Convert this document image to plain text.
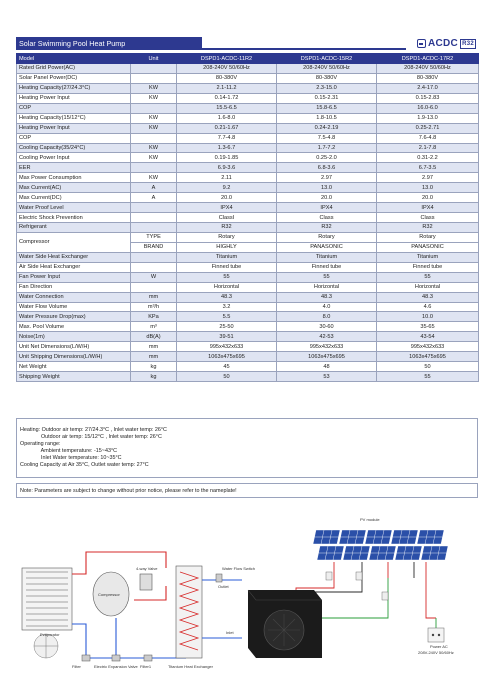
Solar Swimming Pool Heat Pump	ACDC R32
Model	Unit	DSPD1-ACDC-11R2	DSPD1-ACDC-15R2	DSPD1-ACDC-17R2
Rated Grid Power(AC)		208-240V 50/60Hz	208-240V 50/60Hz	208-240V 50/60Hz
Solar Panel Power(DC)		80-380V	80-380V	80-380V
Heating Capacity(27/24.3°C)	KW	2.1-11.2	2.3-15.0	2.4-17.0
Heating Power Input	KW	0.14-1.72	0.15-2.31	0.15-2.83
COP		15.5-6.5	15.8-6.5	16.0-6.0
Heating Capacity(15/12°C)	KW	1.6-8.0	1.8-10.5	1.9-13.0
Heating Power Input	KW	0.21-1.67	0.24-2.19	0.25-2.71
COP		7.7-4.8	7.5-4.8	7.6-4.8
Cooling Capacity(35/24°C)	KW	1.3-6.7	1.7-7.2	2.1-7.8
Cooling Power Input	KW	0.19-1.85	0.25-2.0	0.31-2.2
EER		6.9-3.6	6.8-3.6	6.7-3.5
Max Power Consumption	KW	2.11	2.97	2.97
Max Current(AC)	A	9.2	13.0	13.0
Max Current(DC)	A	20.0	20.0	20.0
Water Proof Level		IPX4	IPX4	IPX4
Electric Shock Prevention		ClassI	Class	Class
Refrigerant		R32	R32	R32
Compressor	TYPE	Rotary	Rotary	Rotary
	BRAND	HIGHLY	PANASONIC	PANASONIC
Water Side Heat Exchanger		Titanium	Titanium	Titanium
Air Side Heat Exchanger		Finned tube	Finned tube	Finned tube
Fan Power Input	W	55	55	55
Fan Direction		Horizontal	Horizontal	Horizontal
Water Connection	mm	48.3	48.3	48.3
Water Flow Volume	m³/h	3.2	4.0	4.6
Water Pressure Drop(max)	KPa	5.5	8.0	10.0
Max. Pool Volume	m³	25-50	30-60	35-65
Noise(1m)	dB(A)	39-51	42-53	43-54
Unit Net Dimensions(L/W/H)	mm	995x432x633	995x432x633	995x432x633
Unit Shipping Dimensions(L/W/H)	mm	1063x475x695	1063x475x695	1063x475x695
Net Weight	kg	45	48	50
Shipping Weight	kg	50	53	55
Heating: Outdoor air temp: 27/24.3°C , Inlet water temp: 26°C
Outdoor air temp: 15/12°C , Inlet water temp: 26°C
Operating range:
Ambient temperature: -15~43°C
Inlet Water temperature: 10~35°C
Cooling Capacity at Air 35°C, Outlet water temp: 27°C
Note: Parameters are subject to change without prior notice, please refer to the nameplate!
PV module
Water Flow Switch
Outlet
Inlet
Compressor
4-way Valve
Evaporator
Filter	Electric Expansion Valve Filter1	Titanium Heat Exchanger
Power AC
208V-240V 50/60Hz
